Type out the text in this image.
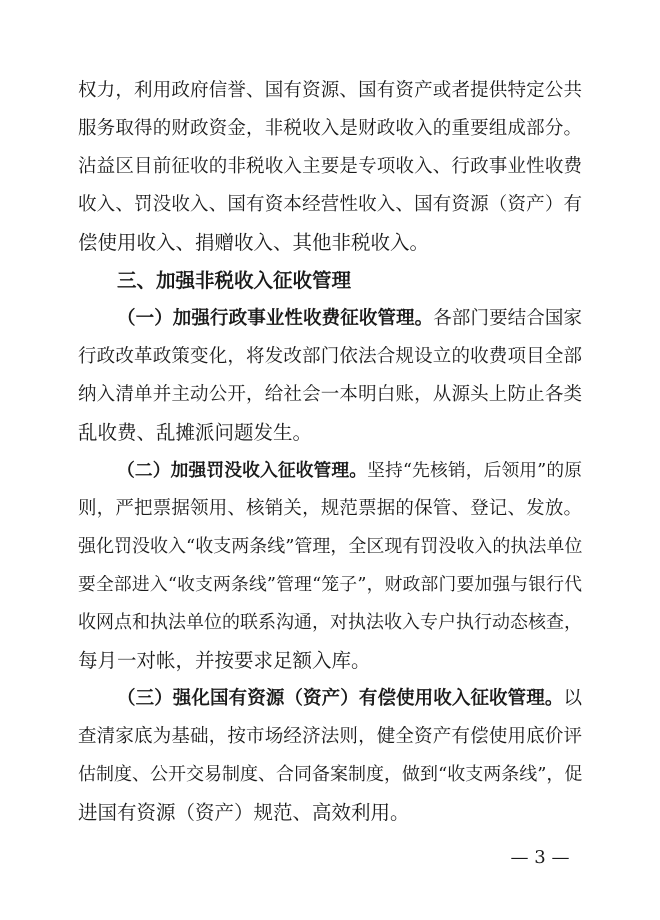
权力，利用政府信誉、国有资源、国有资产或者提供特定公共
服务取得的财政资金，非税收入是财政收入的重要组成部分。
沾益区目前征收的非税收入主要是专项收入、行政事业性收费
收入、罚没收入、国有资本经营性收入、国有资源（资产）有
偿使用收入、捐赠收入、其他非税收入。
三、加强非税收入征收管理
（一）加强行政事业性收费征收管理。各部门要结合国家
行政改革政策变化，将发改部门依法合规设立的收费项目全部
纳入清单并主动公开，给社会一本明白账，从源头上防止各类
乱收费、乱摊派问题发生。
（二）加强罚没收入征收管理。坚持“先核销，后领用”的原
则，严把票据领用、核销关，规范票据的保管、登记、发放。
强化罚没收入“收支两条线”管理，全区现有罚没收入的执法单位
要全部进入“收支两条线”管理“笼子”，财政部门要加强与银行代
收网点和执法单位的联系沟通，对执法收入专户执行动态核查，
每月一对帐，并按要求足额入库。
（三）强化国有资源（资产）有偿使用收入征收管理。以
查清家底为基础，按市场经济法则，健全资产有偿使用底价评
估制度、公开交易制度、合同备案制度，做到“收支两条线”，促
进国有资源（资产）规范、高效利用。
— 3 —
